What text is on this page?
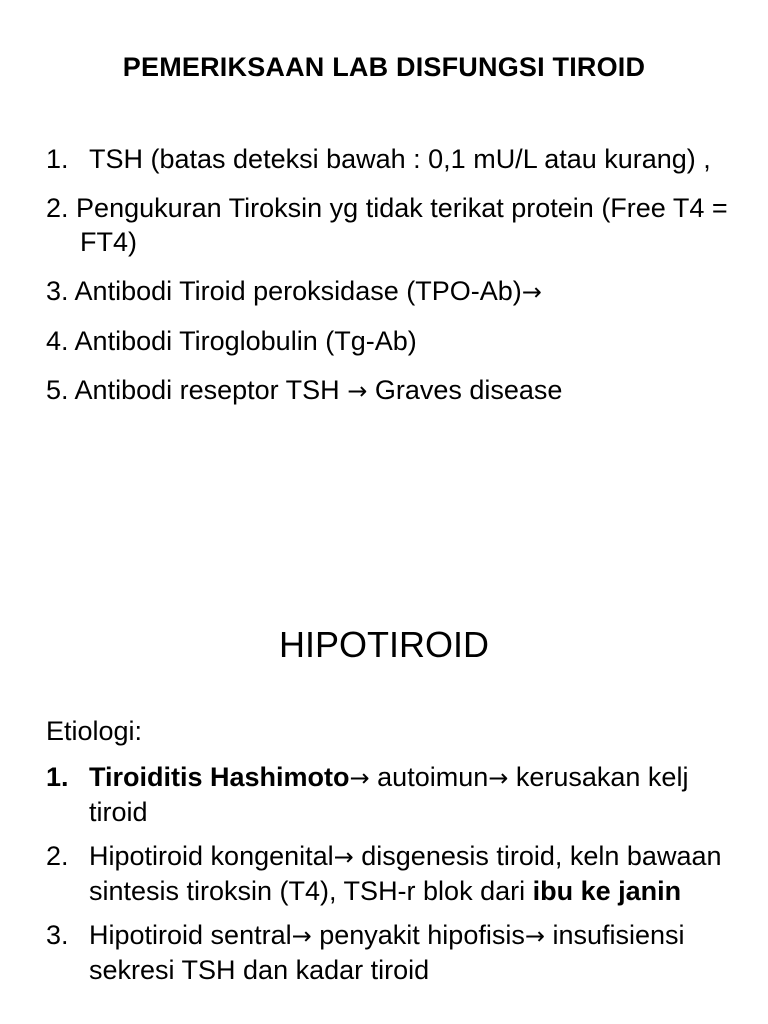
PEMERIKSAAN LAB DISFUNGSI TIROID
1. TSH (batas deteksi bawah : 0,1 mU/L atau kurang) ,
2. Pengukuran Tiroksin yg tidak terikat protein (Free T4 = FT4)
3. Antibodi Tiroid peroksidase (TPO-Ab)→
4. Antibodi Tiroglobulin (Tg-Ab)
5. Antibodi reseptor TSH → Graves disease
HIPOTIROID
Etiologi:
1. Tiroiditis Hashimoto→ autoimun→ kerusakan kelj tiroid
2. Hipotiroid kongenital→ disgenesis tiroid, keln bawaan sintesis tiroksin (T4), TSH-r blok dari ibu ke janin
3. Hipotiroid sentral→ penyakit hipofisis→ insufisiensi sekresi TSH dan kadar tiroid
